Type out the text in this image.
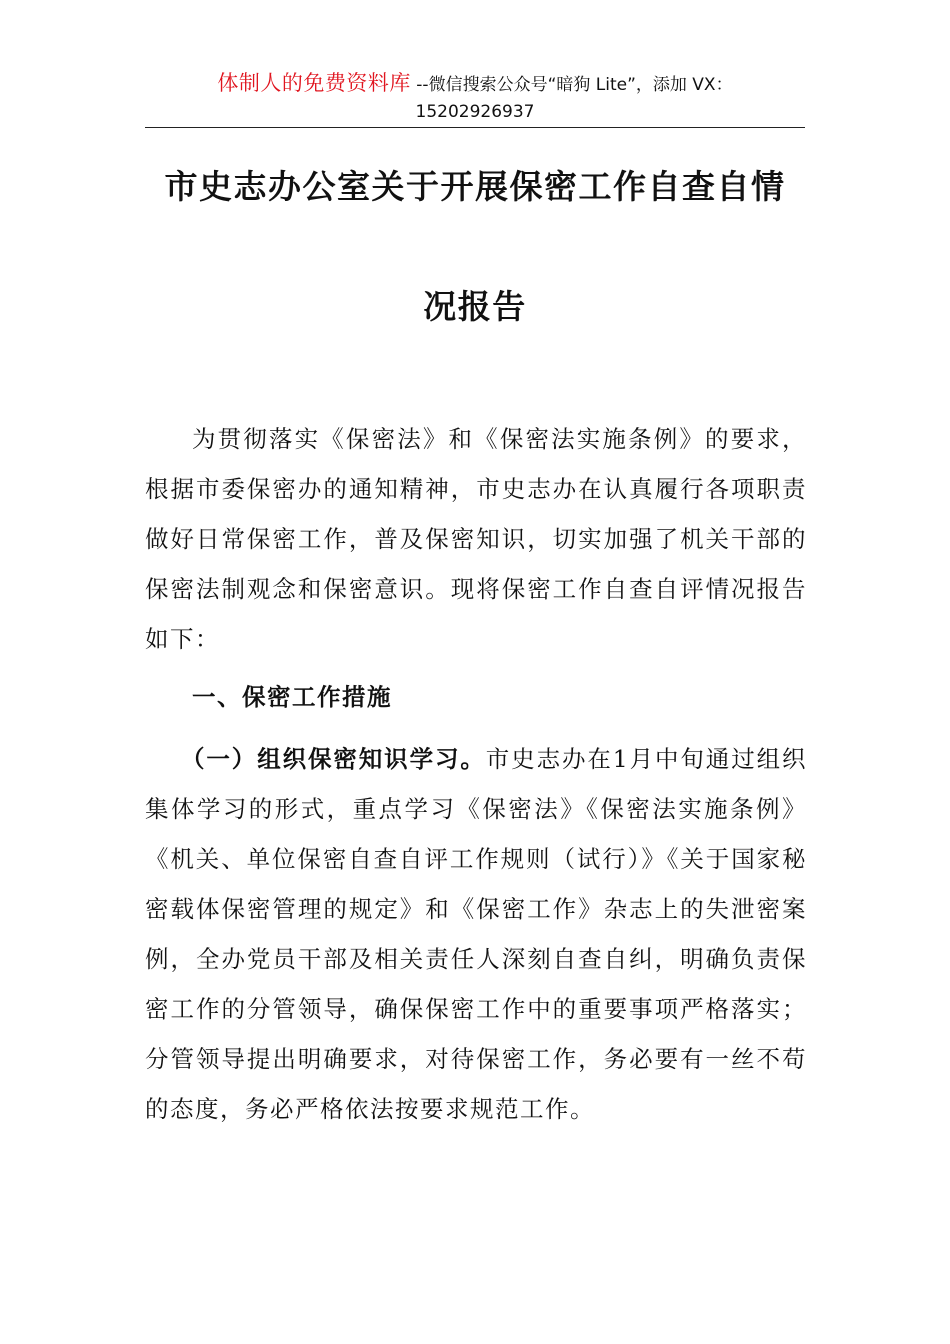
体制人的免费资料库 --微信搜索公众号“暗狗 Lite”，添加 VX：
15202926937
市史志办公室关于开展保密工作自查自情
况报告
为贯彻落实《保密法》和《保密法实施条例》的要求，根据市委保密办的通知精神，市史志办在认真履行各项职责做好日常保密工作，普及保密知识，切实加强了机关干部的保密法制观念和保密意识。现将保密工作自查自评情况报告如下：
一、保密工作措施
（一）组织保密知识学习。市史志办在1月中旬通过组织集体学习的形式，重点学习《保密法》《保密法实施条例》《机关、单位保密自查自评工作规则（试行）》《关于国家秘密载体保密管理的规定》和《保密工作》杂志上的失泄密案例，全办党员干部及相关责任人深刻自查自纠，明确负责保密工作的分管领导，确保保密工作中的重要事项严格落实；分管领导提出明确要求，对待保密工作，务必要有一丝不苟的态度，务必严格依法按要求规范工作。
